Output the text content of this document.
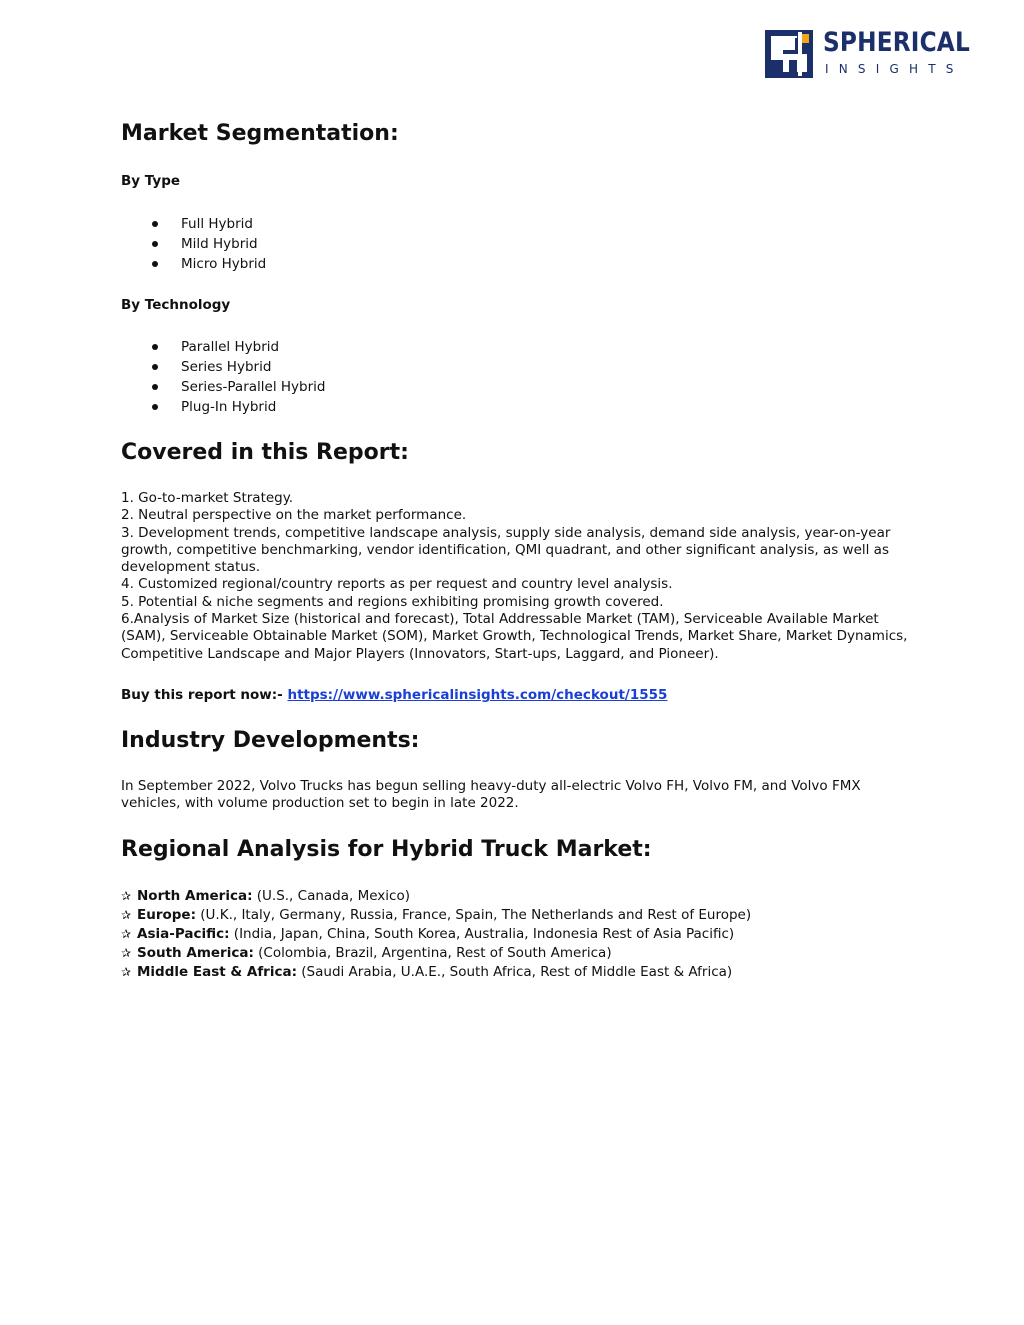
SPHERICAL
INSIGHTS
Market Segmentation:
By Type
Full Hybrid
Mild Hybrid
Micro Hybrid
By Technology
Parallel Hybrid
Series Hybrid
Series-Parallel Hybrid
Plug-In Hybrid
Covered in this Report:
1. Go-to-market Strategy.
2. Neutral perspective on the market performance.
3. Development trends, competitive landscape analysis, supply side analysis, demand side analysis, year-on-year growth, competitive benchmarking, vendor identification, QMI quadrant, and other significant analysis, as well as development status.
4. Customized regional/country reports as per request and country level analysis.
5. Potential & niche segments and regions exhibiting promising growth covered.
6.Analysis of Market Size (historical and forecast), Total Addressable Market (TAM), Serviceable Available Market (SAM), Serviceable Obtainable Market (SOM), Market Growth, Technological Trends, Market Share, Market Dynamics, Competitive Landscape and Major Players (Innovators, Start-ups, Laggard, and Pioneer).
Buy this report now:- https://www.sphericalinsights.com/checkout/1555
Industry Developments:
In September 2022, Volvo Trucks has begun selling heavy-duty all-electric Volvo FH, Volvo FM, and Volvo FMX vehicles, with volume production set to begin in late 2022.
Regional Analysis for Hybrid Truck Market:
✰ North America: (U.S., Canada, Mexico)
✰ Europe: (U.K., Italy, Germany, Russia, France, Spain, The Netherlands and Rest of Europe)
✰ Asia-Pacific: (India, Japan, China, South Korea, Australia, Indonesia Rest of Asia Pacific)
✰ South America: (Colombia, Brazil, Argentina, Rest of South America)
✰ Middle East & Africa: (Saudi Arabia, U.A.E., South Africa, Rest of Middle East & Africa)
